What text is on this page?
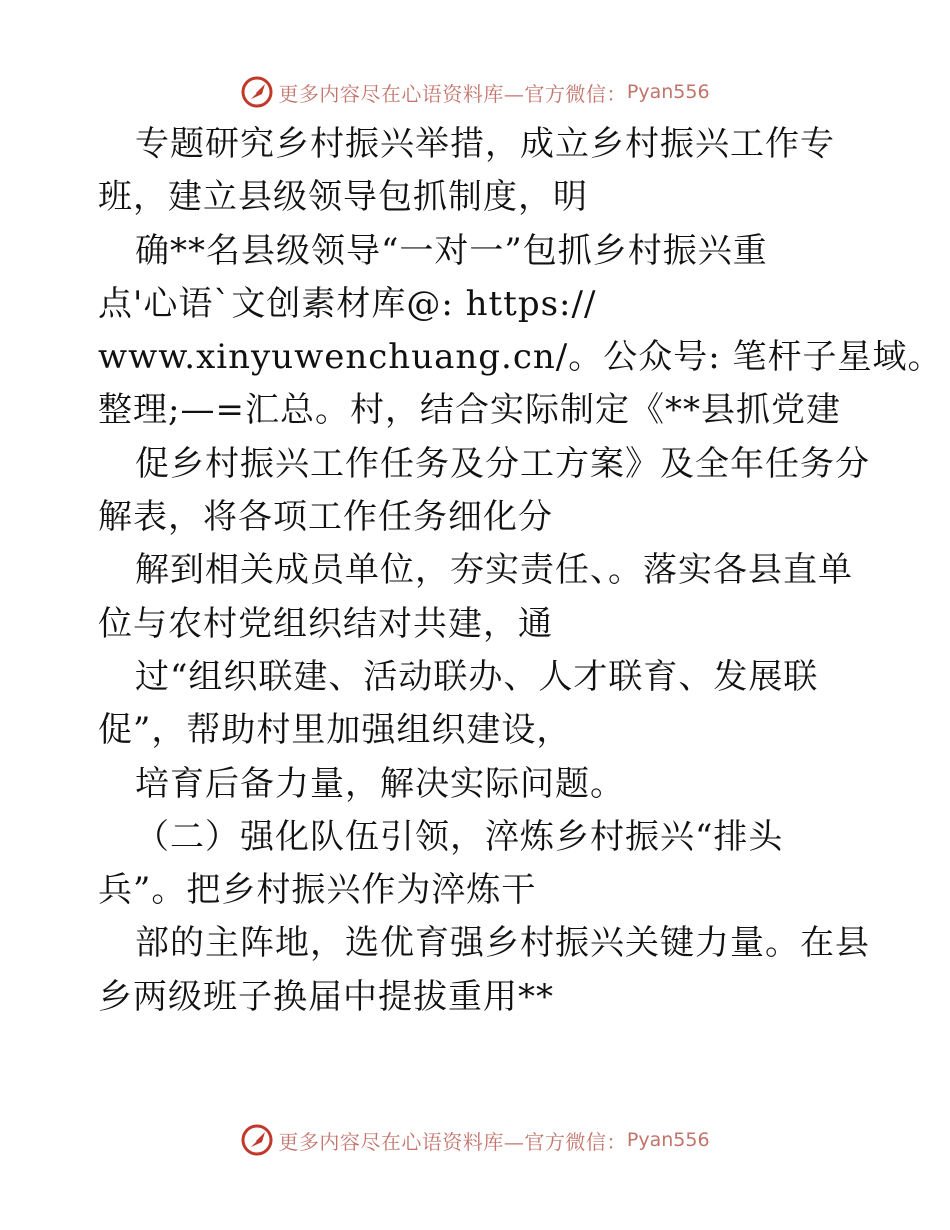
更多内容尽在心语资料库—官方微信： Pyan556
专题研究乡村振兴举措，成立乡村振兴工作专
班，建立县级领导包抓制度，明
确**名县级领导“一对一”包抓乡村振兴重
点'心语`文创素材库@: https://
www.xinyuwenchuang.cn/。公众号: 笔杆子星域。
整理;—=汇总。村，结合实际制定《**县抓党建
促乡村振兴工作任务及分工方案》及全年任务分
解表，将各项工作任务细化分
解到相关成员单位，夯实责任、。落实各县直单
位与农村党组织结对共建，通
过“组织联建、活动联办、人才联育、发展联
促”，帮助村里加强组织建设，
培育后备力量，解决实际问题。
（二）强化队伍引领，淬炼乡村振兴“排头
兵”。把乡村振兴作为淬炼干
部的主阵地，选优育强乡村振兴关键力量。在县
乡两级班子换届中提拔重用**
更多内容尽在心语资料库—官方微信： Pyan556
